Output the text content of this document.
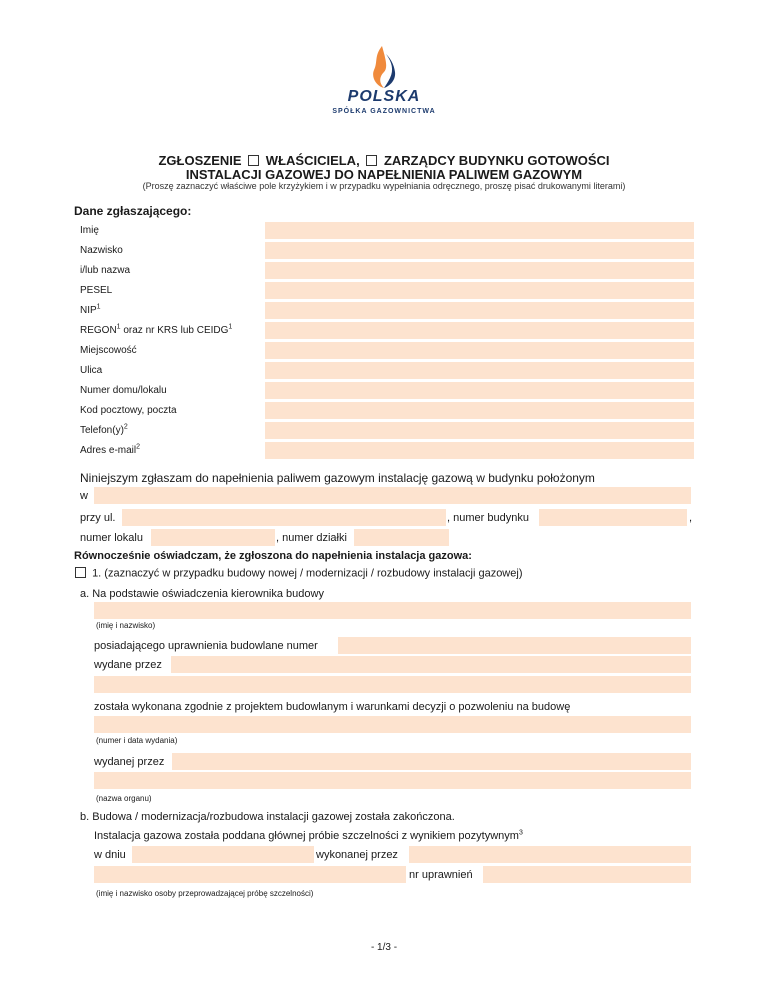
POLSKA
SPÓŁKA GAZOWNICTWA
ZGŁOSZENIE WŁAŚCICIELA, ZARZĄDCY BUDYNKU GOTOWOŚCI
INSTALACJI GAZOWEJ DO NAPEŁNIENIA PALIWEM GAZOWYM
(Proszę zaznaczyć właściwe pole krzyżykiem i w przypadku wypełniania odręcznego, proszę pisać drukowanymi literami)
Dane zgłaszającego:
Imię
Nazwisko
i/lub nazwa
PESEL
NIP$^1$
REGON$^1$ oraz nr KRS lub CEIDG$^1$
Miejscowość
Ulica
Numer domu/lokalu
Kod pocztowy, poczta
$Telefon(y)^2$
Adres e-mail$^2$
Niniejszym zgłaszam do napełnienia paliwem gazowym instalację gazową w budynku położonym
w
przy ul.	, numer budynku	,
numer lokalu	, numer działki
Równocześnie oświadczam, że zgłoszona do napełnienia instalacja gazowa:
1. (zaznaczyć w przypadku budowy nowej / modernizacji / rozbudowy instalacji gazowej)
a. Na podstawie oświadczenia kierownika budowy
(imię i nazwisko)
posiadającego uprawnienia budowlane numer
wydane przez
została wykonana zgodnie z projektem budowlanym i warunkami decyzji o pozwoleniu na budowę
(numer i data wydania)
wydanej przez
(nazwa organu)
b. Budowa / modernizacja/rozbudowa instalacji gazowej została zakończona.
Instalacja gazowa została poddana głównej próbie szczelności z wynikiem pozytywnym$^3$
w dniu	wykonanej przez
nr uprawnień
(imię i nazwisko osoby przeprowadzającej próbę szczelności)
- 1/3 -
